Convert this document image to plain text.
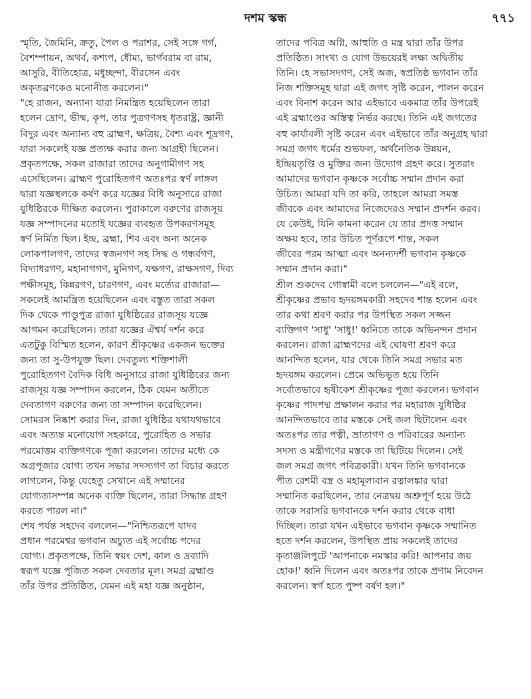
দশম স্কন্ধ	৭৭১
স্মৃতি, জৈমিনি, ক্রতু, পৈল ও পরাশর, সেই সঙ্গে গর্গ,
বৈশম্পায়ন, অথর্ব, কশ্যপ, ধৌম্য, ভার্গবরাম বা রাম,
আসুরি, বীতিহোত্র, মধুচ্ছন্দা, বীরসেন এবং
অকৃতব্রণকেও মনোনীত করলেন।"
"হে রাজন, অন্যান্য যারা নিমন্ত্রিত হয়েছিলেন তারা
হলেন দ্রোণ, ভীষ্ম, কৃপ, তার পুত্রগণসহ ধৃতরাষ্ট্র, জ্ঞানী
বিদুর এবং অন্যান্য বহু ব্রাহ্মণ, ক্ষত্রিয়, বৈশ্য এবং শূদ্রগণ,
যারা সকলেই যজ্ঞ প্রত্যক্ষ করার জন্য আগ্রহী ছিলেন।
প্রকৃতপক্ষে, সকল রাজারা তাদের অনুগামীগণ সহ
এসেছিলেন। ব্রাহ্মণ পুরোহিতগণ অতঃপর স্বর্ণ লাঙ্গল
দ্বারা যজ্ঞস্থলকে কর্ষণ করে যজ্ঞের বিধি অনুসারে রাজা
যুধিষ্ঠিরকে দীক্ষিত করলেন। পুরাকালে বরুণের রাজসূয়
যজ্ঞ সম্পাদনের মতোই যজ্ঞের ব্যবহৃত উপকরণসমূহ
স্বর্ণ নির্মিত ছিল। ইন্দ্র, ব্রহ্মা, শিব এবং অন্য অনেক
লোকপালগণ, তাদের স্বজনগণ সহ সিদ্ধ ও গন্ধর্বগণ,
বিদ্যাধরগণ, মহানাগগণ, মুনিগণ, যক্ষগণ, রাক্ষসগণ, দিব্য
পক্ষীসমূহ, কিন্নরগণ, চারণগণ, এবং মর্ত্যের রাজারা—
সকলেই আমন্ত্রিত হয়েছিলেন এবং বস্তুত তারা সকল
দিক থেকে পাণ্ডুপুত্র রাজা যুধিষ্ঠিরের রাজসূয় যজ্ঞে
আগমন করেছিলেন। তারা যজ্ঞের ঐশ্বর্য দর্শন করে
এতটুকু বিস্মিত হলেন, কারণ শ্রীকৃষ্ণের একজন ভক্তের
জন্য তা সু-উপযুক্ত ছিল। দেবতুল্য শক্তিশালী
পুরোহিতগণ বৈদিক বিধি অনুসারে রাজা যুধিষ্ঠিরের জন্য
রাজসূয় যজ্ঞ সম্পাদন করলেন, ঠিক যেমন অতীতে
দেবতাগণ বরুণের জন্য তা সম্পাদন করেছিলেন।
সোমরস নিষ্কাশ করার দিন, রাজা যুধিষ্ঠির যথাযথভাবে
এবং অত্যন্ত মনোযোগ সহকারে, পুরোহিত ও সভার
পরমোত্তম ব্যক্তিগণকে পূজা করলেন। তাদের মধ্যে কে
অগ্রপূজার যোগ্য তখন সভার সদস্যগণ তা বিচার করতে
লাগলেন, কিন্তু যেহেতু সেখানে এই সম্মানের
যোগ্যতাসম্পন্ন অনেক ব্যক্তি ছিলেন, তারা সিদ্ধান্ত গ্রহণ
করতে পারল না।"
শেষ পর্যন্ত সহদেব বললেন—"নিশ্চিতরূপে যাদব
প্রধান পরমেশ্বর ভগবান অচ্যুত এই সর্বোচ্চ পদের
যোগ্য। প্রকৃতপক্ষে, তিনি স্বয়ং দেশ, কাল ও দ্রব্যাদি
স্বরূপ যজ্ঞে পূজিত সকল দেবতার মূল। সমগ্র ব্রহ্মাণ্ড
তাঁর উপর প্রতিষ্ঠিত, যেমন এই মহা যজ্ঞ অনুষ্ঠান,
তাদের পবিত্র অগ্নি, আহুতি ও মন্ত্র দ্বারা তাঁর উপর
প্রতিষ্ঠিত। সাংখ্য ও যোগ উভয়েরই লক্ষ্য অদ্বিতীয়
তিনি। হে সভাসদগণ, সেই অজ, স্বপ্রতিষ্ঠ ভগবান তাঁর
নিজ শক্তিসমূহ দ্বারা এই জগৎ সৃষ্টি করেন, পালন করেন
এবং বিনাশ করেন আর এইভাবে একমাত্র তাঁর উপরেই
এই ব্রহ্মাণ্ডের অস্তিত্ব নির্ভর করছে। তিনি এই জগতের
বহু কার্যাবলী সৃষ্টি করেন এবং এইভাবে তাঁর অনুগ্রহ দ্বারা
সমগ্র জগৎ ধর্মের শুভফল, অর্থনৈতিক উন্নয়ন,
ইন্দ্রিয়তৃপ্তি ও মুক্তির জন্য উদ্যোগ গ্রহণ করে। সুতরাং
আমাদের ভগবান কৃষ্ণকে সর্বোচ্চ সম্মান প্রদান করা
উচিত। আমরা যদি তা করি, তাহলে আমরা সমস্ত
জীবকে এবং আমাদের নিজেদেরও সম্মান প্রদর্শন করব।
যে কেউই, যিনি কামনা করেন যে তার প্রদত্ত সম্মান
অক্ষয় হবে, তার উচিত পূর্ণরূপে শান্ত, সকল
জীবের পরম আত্মা এবং অনন্যদর্শী ভগবান কৃষ্ণকে
সম্মান প্রদান করা।"
শ্রীল শুকদেব গোস্বামী বলে চললেন—"এই বলে,
শ্রীকৃষ্ণের প্রভাব হৃদয়ঙ্গমকারী সহদেব শান্ত হলেন এবং
তার কথা শ্রবণ করার পর উপস্থিত সকল সজ্জন
ব্যক্তিগণ 'সাধু' 'সাধু!' ধ্বনিতে তাকে অভিনন্দন প্রদান
করলেন। রাজা ব্রাহ্মণদের এই ঘোষণা শ্রবণ করে
আনন্দিত হলেন, যার থেকে তিনি সমগ্র সভার মত
হৃদয়ঙ্গম করলেন। প্রেমে অভিভূত হয়ে তিনি
সর্বোতভাবে হৃষীকেশ শ্রীকৃষ্ণের পূজা করলেন। ভগবান
কৃষ্ণের পাদপদ্ম প্রক্ষালন করার পর মহারাজ যুধিষ্ঠির
আনন্দিতভাবে তার মস্তকে সেই জল ছিটালেন এবং
অতঃপর তার পত্নী, ভ্রাতাগণ ও পরিবারের অন্যান্য
সদস্য ও মন্ত্রীগণের মস্তকে তা ছিটিয়ে দিলেন। সেই
জল সমগ্র জগৎ পবিত্রকারী। যখন তিনি ভগবানকে
পীত রেশমী বস্ত্র ও মহামূল্যবান রত্নালঙ্কার দ্বারা
সম্মানিত করছিলেন, তার নেত্রদ্বয় অশ্রুপূর্ণ হয়ে উঠে
তাকে সরাসরি ভগবানকে দর্শন করার থেকে বাধা
দিচ্ছিল। তারা যখন এইভাবে ভগবান কৃষ্ণকে সম্মানিত
হতে দর্শন করলেন, উপস্থিত প্রায় সকলেই তাদের
কৃতাঞ্জলিপুটে 'আপনাকে নমস্কার করি! আপনার জয়
হোক!' ধ্বনি দিলেন এবং অতঃপর তাকে প্রণাম নিবেদন
করলেন। স্বর্গ হতে পুষ্প বর্ষণ হল।"
